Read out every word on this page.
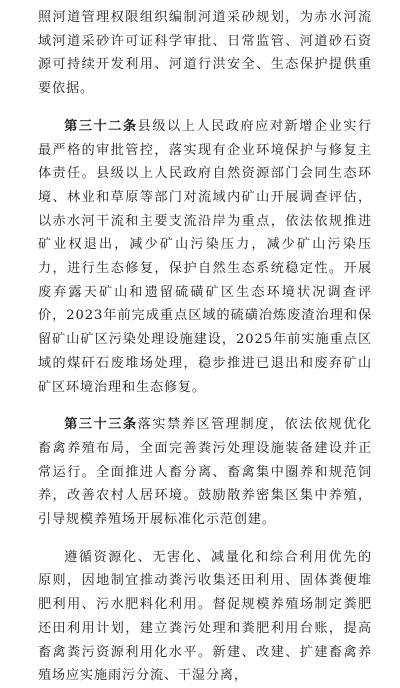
照河道管理权限组织编制河道采砂规划，为赤水河流域河道采砂许可证科学审批、日常监管、河道砂石资源可持续开发利用、河道行洪安全、生态保护提供重要依据。

第三十二条县级以上人民政府应对新增企业实行最严格的审批管控，落实现有企业环境保护与修复主体责任。县级以上人民政府自然资源部门会同生态环境、林业和草原等部门对流域内矿山开展调查评估，以赤水河干流和主要支流沿岸为重点，依法依规推进矿业权退出，减少矿山污染压力，减少矿山污染压力，进行生态修复，保护自然生态系统稳定性。开展废弃露天矿山和遗留硫磺矿区生态环境状况调查评价，2023年前完成重点区域的硫磺冶炼废渣治理和保留矿山矿区污染处理设施建设，2025年前实施重点区域的煤矸石废堆场处理，稳步推进已退出和废弃矿山矿区环境治理和生态修复。

第三十三条落实禁养区管理制度，依法依规优化畜禽养殖布局，全面完善粪污处理设施装备建设并正常运行。全面推进人畜分离、畜禽集中圈养和规范饲养，改善农村人居环境。鼓励散养密集区集中养殖，引导规模养殖场开展标准化示范创建。

遵循资源化、无害化、减量化和综合利用优先的原则，因地制宜推动粪污收集还田利用、固体粪便堆肥利用、污水肥料化利用。督促规模养殖场制定粪肥还田利用计划，建立粪污处理和粪肥利用台账，提高畜禽粪污资源利用化水平。新建、改建、扩建畜禽养殖场应实施雨污分流、干湿分离，
